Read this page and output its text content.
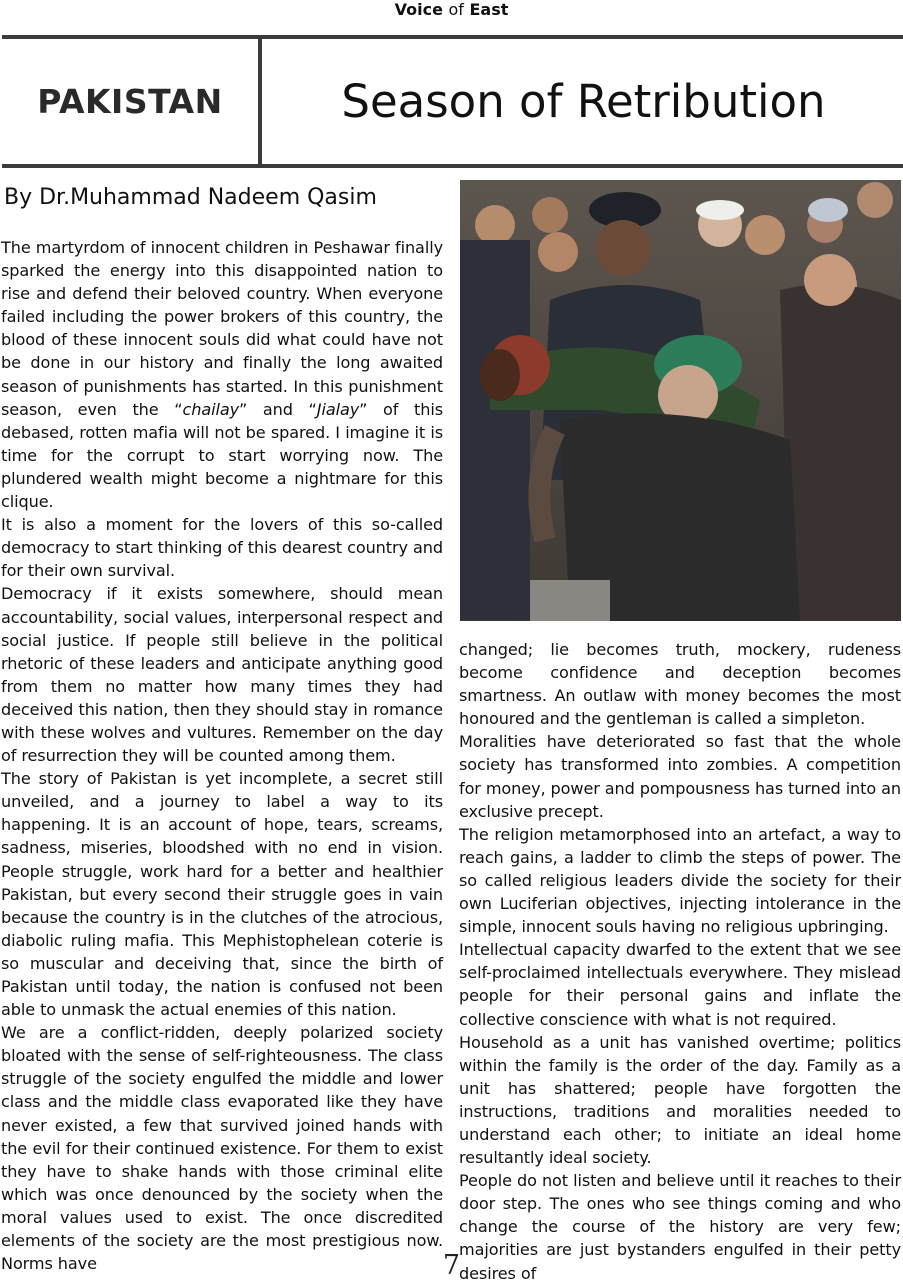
Voice of East
PAKISTAN	Season of Retribution
By Dr.Muhammad Nadeem Qasim

The martyrdom of innocent children in Peshawar finally sparked the energy into this disappointed nation to rise and defend their beloved country. When everyone failed including the power brokers of this country, the blood of these innocent souls did what could have not be done in our history and finally the long awaited season of punishments has started. In this punishment season, even the “chailay” and “Jialay” of this debased, rotten mafia will not be spared. I imagine it is time for the corrupt to start worrying now. The plundered wealth might become a nightmare for this clique.

It is also a moment for the lovers of this so-called democracy to start thinking of this dearest country and for their own survival.

Democracy if it exists somewhere, should mean accountability, social values, interpersonal respect and social justice. If people still believe in the political rhetoric of these leaders and anticipate anything good from them no matter how many times they had deceived this nation, then they should stay in romance with these wolves and vultures. Remember on the day of resurrection they will be counted among them.

The story of Pakistan is yet incomplete, a secret still unveiled, and a journey to label a way to its happening. It is an account of hope, tears, screams, sadness, miseries, bloodshed with no end in vision. People struggle, work hard for a better and healthier Pakistan, but every second their struggle goes in vain because the country is in the clutches of the atrocious, diabolic ruling mafia. This Mephistophelean coterie is so muscular and deceiving that, since the birth of Pakistan until today, the nation is confused not been able to unmask the actual enemies of this nation.

We are a conflict-ridden, deeply polarized society bloated with the sense of self-righteousness. The class struggle of the society engulfed the middle and lower class and the middle class evaporated like they have never existed, a few that survived joined hands with the evil for their continued existence. For them to exist they have to shake hands with those criminal elite which was once denounced by the society when the moral values used to exist. The once discredited elements of the society are the most prestigious now. Norms have

changed; lie becomes truth, mockery, rudeness become confidence and deception becomes smartness. An outlaw with money becomes the most honoured and the gentleman is called a simpleton.

Moralities have deteriorated so fast that the whole society has transformed into zombies. A competition for money, power and pompousness has turned into an exclusive precept.

The religion metamorphosed into an artefact, a way to reach gains, a ladder to climb the steps of power. The so called religious leaders divide the society for their own Luciferian objectives, injecting intolerance in the simple, innocent souls having no religious upbringing.

Intellectual capacity dwarfed to the extent that we see self-proclaimed intellectuals everywhere. They mislead people for their personal gains and inflate the collective conscience with what is not required.

Household as a unit has vanished overtime; politics within the family is the order of the day. Family as a unit has shattered; people have forgotten the instructions, traditions and moralities needed to understand each other; to initiate an ideal home resultantly ideal society.

People do not listen and believe until it reaches to their door step. The ones who see things coming and who change the course of the history are very few; majorities are just bystanders engulfed in their petty desires of

7
